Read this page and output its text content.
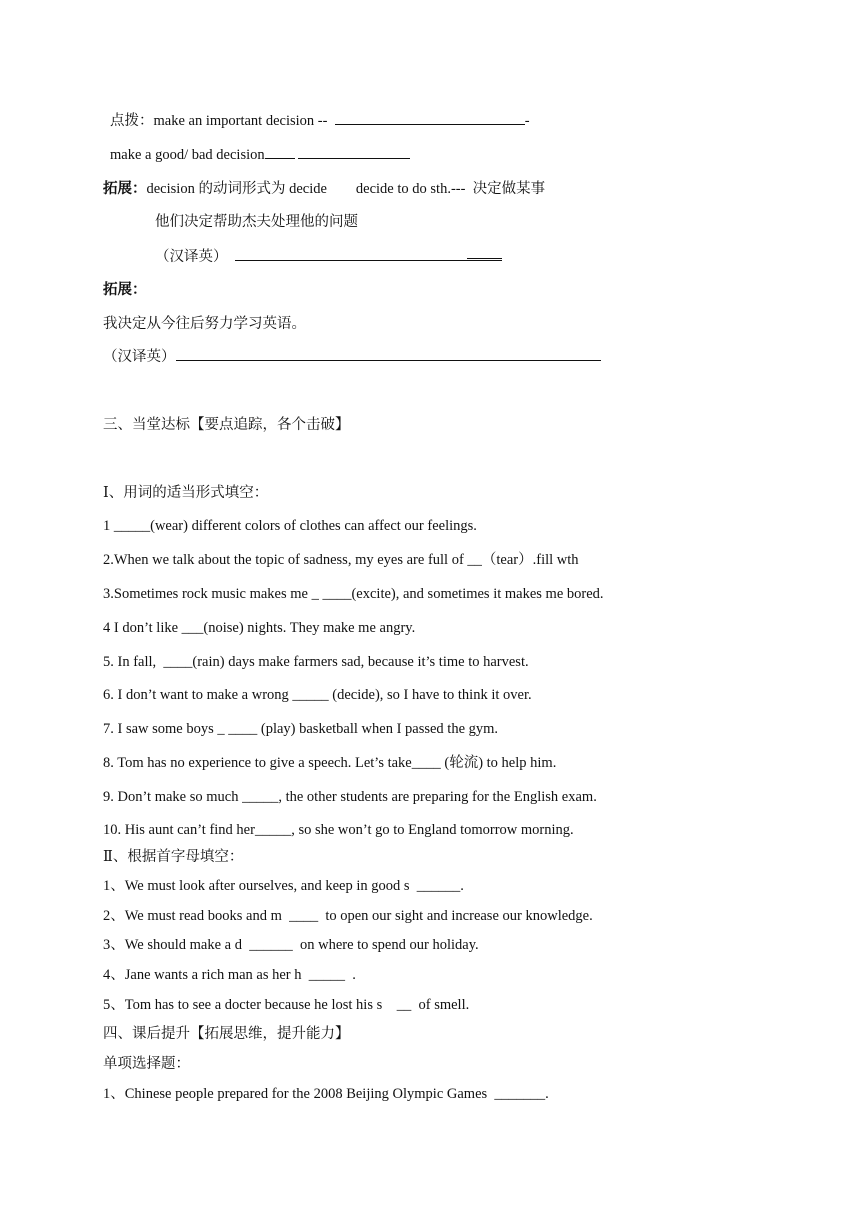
点拨：make an important decision --	-
make a good/ bad decision
拓展：decision 的动词形式为 decide        decide to do sth.---  决定做某事
他们决定帮助杰夫处理他的问题
（汉译英）
拓展：
我决定从今往后努力学习英语。
（汉译英）
三、当堂达标【要点追踪，各个击破】
Ⅰ、用词的适当形式填空：
1 _____(wear) different colors of clothes can affect our feelings.
2.When we talk about the topic of sadness, my eyes are full of __（tear）.fill wth
3.Sometimes rock music makes me _ ____(excite), and sometimes it makes me bored.
4 I don’t like ___(noise) nights. They make me angry.
5. In fall,  ____(rain) days make farmers sad, because it’s time to harvest.
6. I don’t want to make a wrong _____ (decide), so I have to think it over.
7. I saw some boys _ ____ (play) basketball when I passed the gym.
8. Tom has no experience to give a speech. Let’s take____ (轮流) to help him.
9. Don’t make so much _____, the other students are preparing for the English exam.
10. His aunt can’t find her_____, so she won’t go to England tomorrow morning.
Ⅱ、根据首字母填空：
1、We must look after ourselves, and keep in good s  ______.
2、We must read books and m  ____  to open our sight and increase our knowledge.
3、We should make a d  ______  on where to spend our holiday.
4、Jane wants a rich man as her h  _____  .
5、Tom has to see a docter because he lost his s    __  of smell.
四、课后提升【拓展思维，提升能力】
单项选择题：
1、Chinese people prepared for the 2008 Beijing Olympic Games  _______.
